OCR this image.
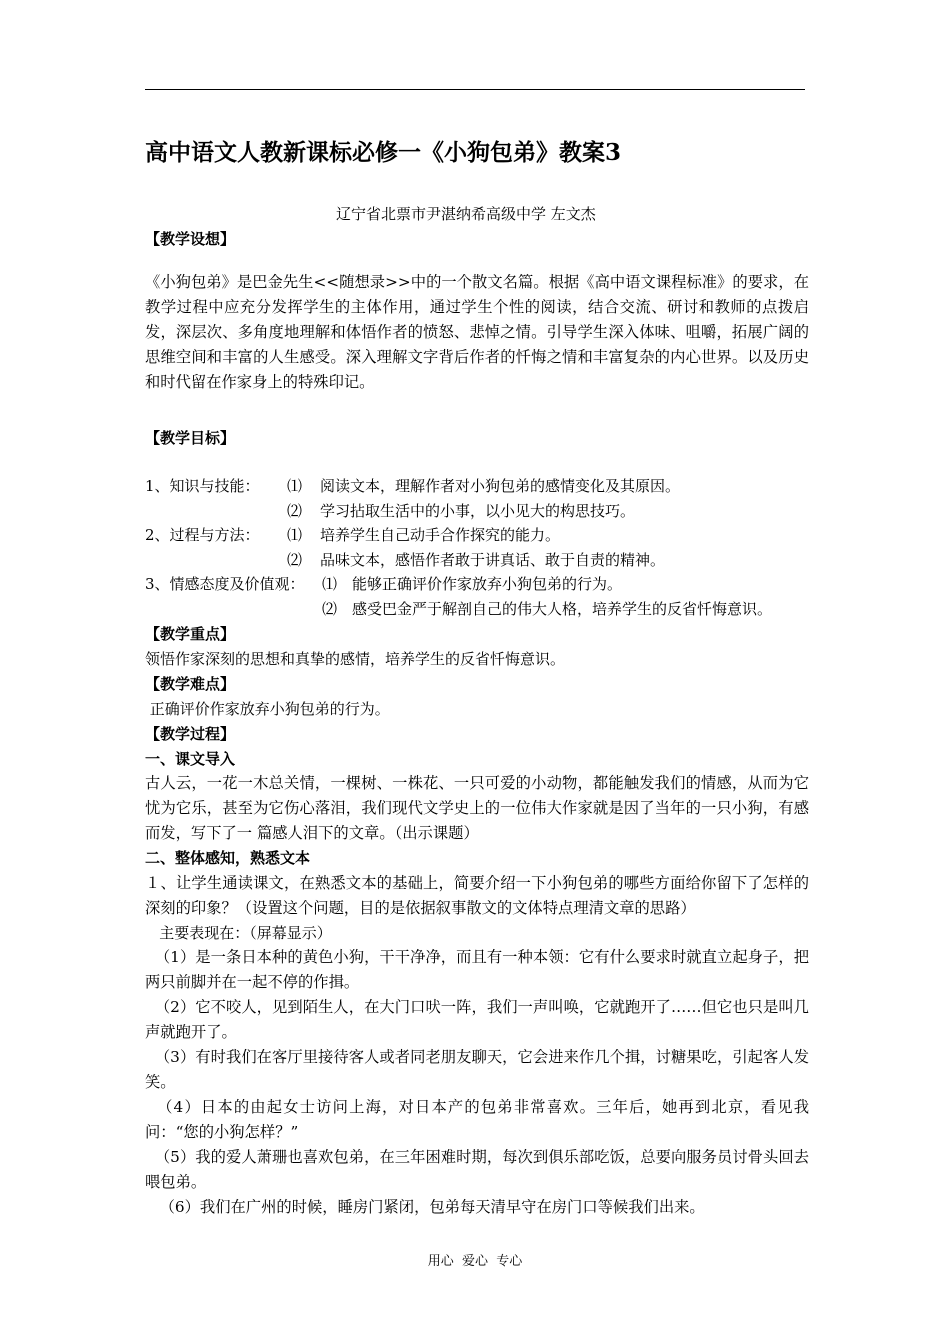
高中语文人教新课标必修一《小狗包弟》教案3
辽宁省北票市尹湛纳希高级中学 左文杰
【教学设想】
《小狗包弟》是巴金先生<<随想录>>中的一个散文名篇。根据《高中语文课程标准》的要求，在教学过程中应充分发挥学生的主体作用，通过学生个性的阅读，结合交流、研讨和教师的点拨启发，深层次、多角度地理解和体悟作者的愤怒、悲悼之情。引导学生深入体味、咀嚼，拓展广阔的思维空间和丰富的人生感受。深入理解文字背后作者的忏悔之情和丰富复杂的内心世界。以及历史和时代留在作家身上的特殊印记。
【教学目标】
1、知识与技能： ⑴ 阅读文本，理解作者对小狗包弟的感情变化及其原因。
⑵ 学习拈取生活中的小事，以小见大的构思技巧。
2、过程与方法： ⑴ 培养学生自己动手合作探究的能力。
⑵ 品味文本，感悟作者敢于讲真话、敢于自责的精神。
3、情感态度及价值观： ⑴ 能够正确评价作家放弃小狗包弟的行为。
⑵ 感受巴金严于解剖自己的伟大人格，培养学生的反省忏悔意识。
【教学重点】
领悟作家深刻的思想和真挚的感情，培养学生的反省忏悔意识。
【教学难点】
正确评价作家放弃小狗包弟的行为。
【教学过程】
一、课文导入
古人云，一花一木总关情，一棵树、一株花、一只可爱的小动物，都能触发我们的情感，从而为它忧为它乐，甚至为它伤心落泪，我们现代文学史上的一位伟大作家就是因了当年的一只小狗，有感而发，写下了一 篇感人泪下的文章。（出示课题）
二、整体感知，熟悉文本
１、让学生通读课文，在熟悉文本的基础上，简要介绍一下小狗包弟的哪些方面给你留下了怎样的深刻的印象？（设置这个问题，目的是依据叙事散文的文体特点理清文章的思路）
主要表现在：（屏幕显示）
（1）是一条日本种的黄色小狗，干干净净，而且有一种本领：它有什么要求时就直立起身子，把两只前脚并在一起不停的作揖。
（2）它不咬人，见到陌生人，在大门口吠一阵，我们一声叫唤，它就跑开了……但它也只是叫几声就跑开了。
（3）有时我们在客厅里接待客人或者同老朋友聊天，它会进来作几个揖，讨糖果吃，引起客人发笑。
（4）日本的由起女士访问上海，对日本产的包弟非常喜欢。三年后，她再到北京，看见我问：“您的小狗怎样？”
（5）我的爱人萧珊也喜欢包弟，在三年困难时期，每次到俱乐部吃饭，总要向服务员讨骨头回去喂包弟。
（6）我们在广州的时候，睡房门紧闭，包弟每天清早守在房门口等候我们出来。
用心  爱心  专心
